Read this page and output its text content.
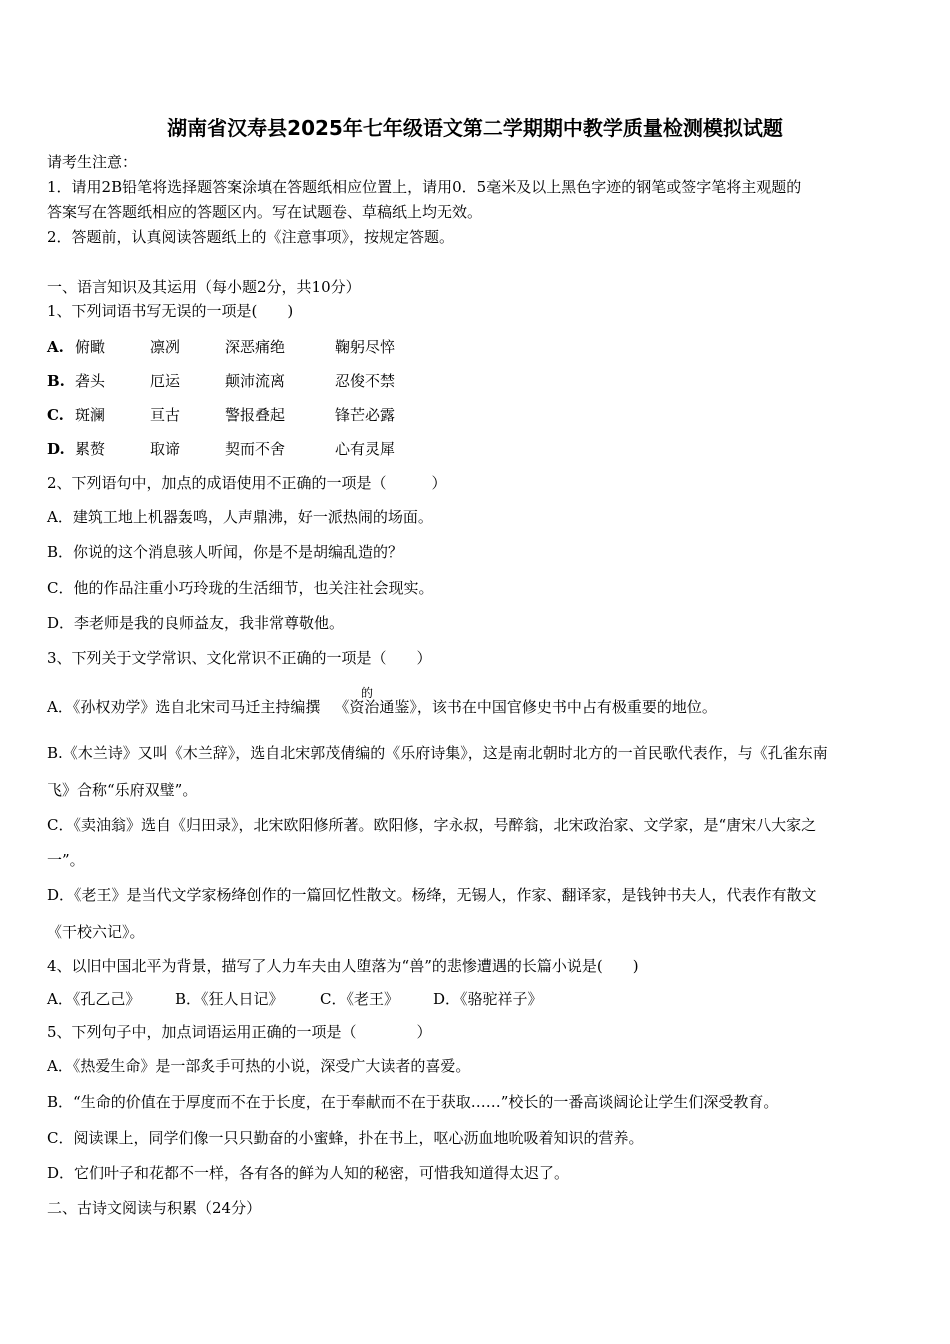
湖南省汉寿县2025年七年级语文第二学期期中教学质量检测模拟试题
请考生注意：
1．请用2B铅笔将选择题答案涂填在答题纸相应位置上，请用0．5毫米及以上黑色字迹的钢笔或签字笔将主观题的
答案写在答题纸相应的答题区内。写在试题卷、草稿纸上均无效。
2．答题前，认真阅读答题纸上的《注意事项》，按规定答题。
一、语言知识及其运用（每小题2分，共10分）
1、下列词语书写无误的一项是(　　)
A. 俯瞰	凛冽	深恶痛绝	鞠躬尽悴
B. 砻头	厄运	颠沛流离	忍俊不禁
C. 斑澜	亘古	警报叠起	锋芒必露
D. 累赘	取谛	契而不舍	心有灵犀
2、下列语句中，加点的成语使用不正确的一项是（　　　）
A．建筑工地上机器轰鸣，人声鼎沸，好一派热闹的场面。
B．你说的这个消息骇人听闻，你是不是胡编乱造的？
C．他的作品注重小巧玲珑的生活细节，也关注社会现实。
D．李老师是我的良师益友，我非常尊敬他。
3、下列关于文学常识、文化常识不正确的一项是（　　）
A．《孙权劝学》选自北宋司马迁主持编撰 《资治通鉴》，该书在中国官修史书中占有极重要的地位。
的
B.《木兰诗》又叫《木兰辞》，选自北宋郭茂倩编的《乐府诗集》，这是南北朝时北方的一首民歌代表作，与《孔雀东南
飞》合称“乐府双璧”。
C．《卖油翁》选自《归田录》，北宋欧阳修所著。欧阳修，字永叔，号醉翁，北宋政治家、文学家，是“唐宋八大家之
一”。
D．《老王》是当代文学家杨绛创作的一篇回忆性散文。杨绛，无锡人，作家、翻译家，是钱钟书夫人，代表作有散文
《干校六记》。
4、以旧中国北平为背景，描写了人力车夫由人堕落为“兽”的悲惨遭遇的长篇小说是(　　)
A．《孔乙己》 B．《狂人日记》 C．《老王》 D．《骆驼祥子》
5、下列句子中，加点词语运用正确的一项是（　　　　）
A．《热爱生命》是一部炙手可热的小说，深受广大读者的喜爱。
B．“生命的价值在于厚度而不在于长度，在于奉献而不在于获取……”校长的一番高谈阔论让学生们深受教育。
C．阅读课上，同学们像一只只勤奋的小蜜蜂，扑在书上，呕心沥血地吮吸着知识的营养。
D．它们叶子和花都不一样，各有各的鲜为人知的秘密，可惜我知道得太迟了。
二、古诗文阅读与积累（24分）
